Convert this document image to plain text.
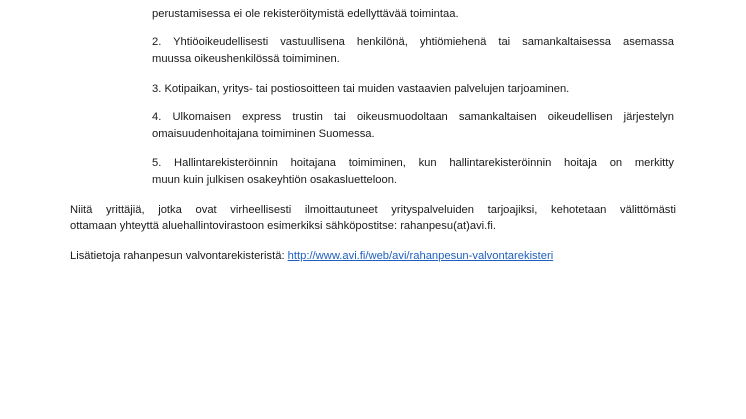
perustamisessa ei ole rekisteröitymistä edellyttävää toimintaa.
2. Yhtiöoikeudellisesti vastuullisena henkilönä, yhtiömiehenä tai samankaltaisessa asemassa
muussa oikeushenkilössä toimiminen.
3. Kotipaikan, yritys- tai postiosoitteen tai muiden vastaavien palvelujen tarjoaminen.
4. Ulkomaisen express trustin tai oikeusmuodoltaan samankaltaisen oikeudellisen järjestelyn
omaisuudenhoitajana toimiminen Suomessa.
5. Hallintarekisteröinnin hoitajana toimiminen, kun hallintarekisteröinnin hoitaja on merkitty
muun kuin julkisen osakeyhtiön osakasluetteloon.
Niitä yrittäjiä, jotka ovat virheellisesti ilmoittautuneet yrityspalveluiden tarjoajiksi, kehotetaan välittömästi
ottamaan yhteyttä aluehallintovirastoon esimerkiksi sähköpostitse: rahanpesu(at)avi.fi.
Lisätietoja rahanpesun valvontarekisteristä: http://www.avi.fi/web/avi/rahanpesun-valvontarekisteri
